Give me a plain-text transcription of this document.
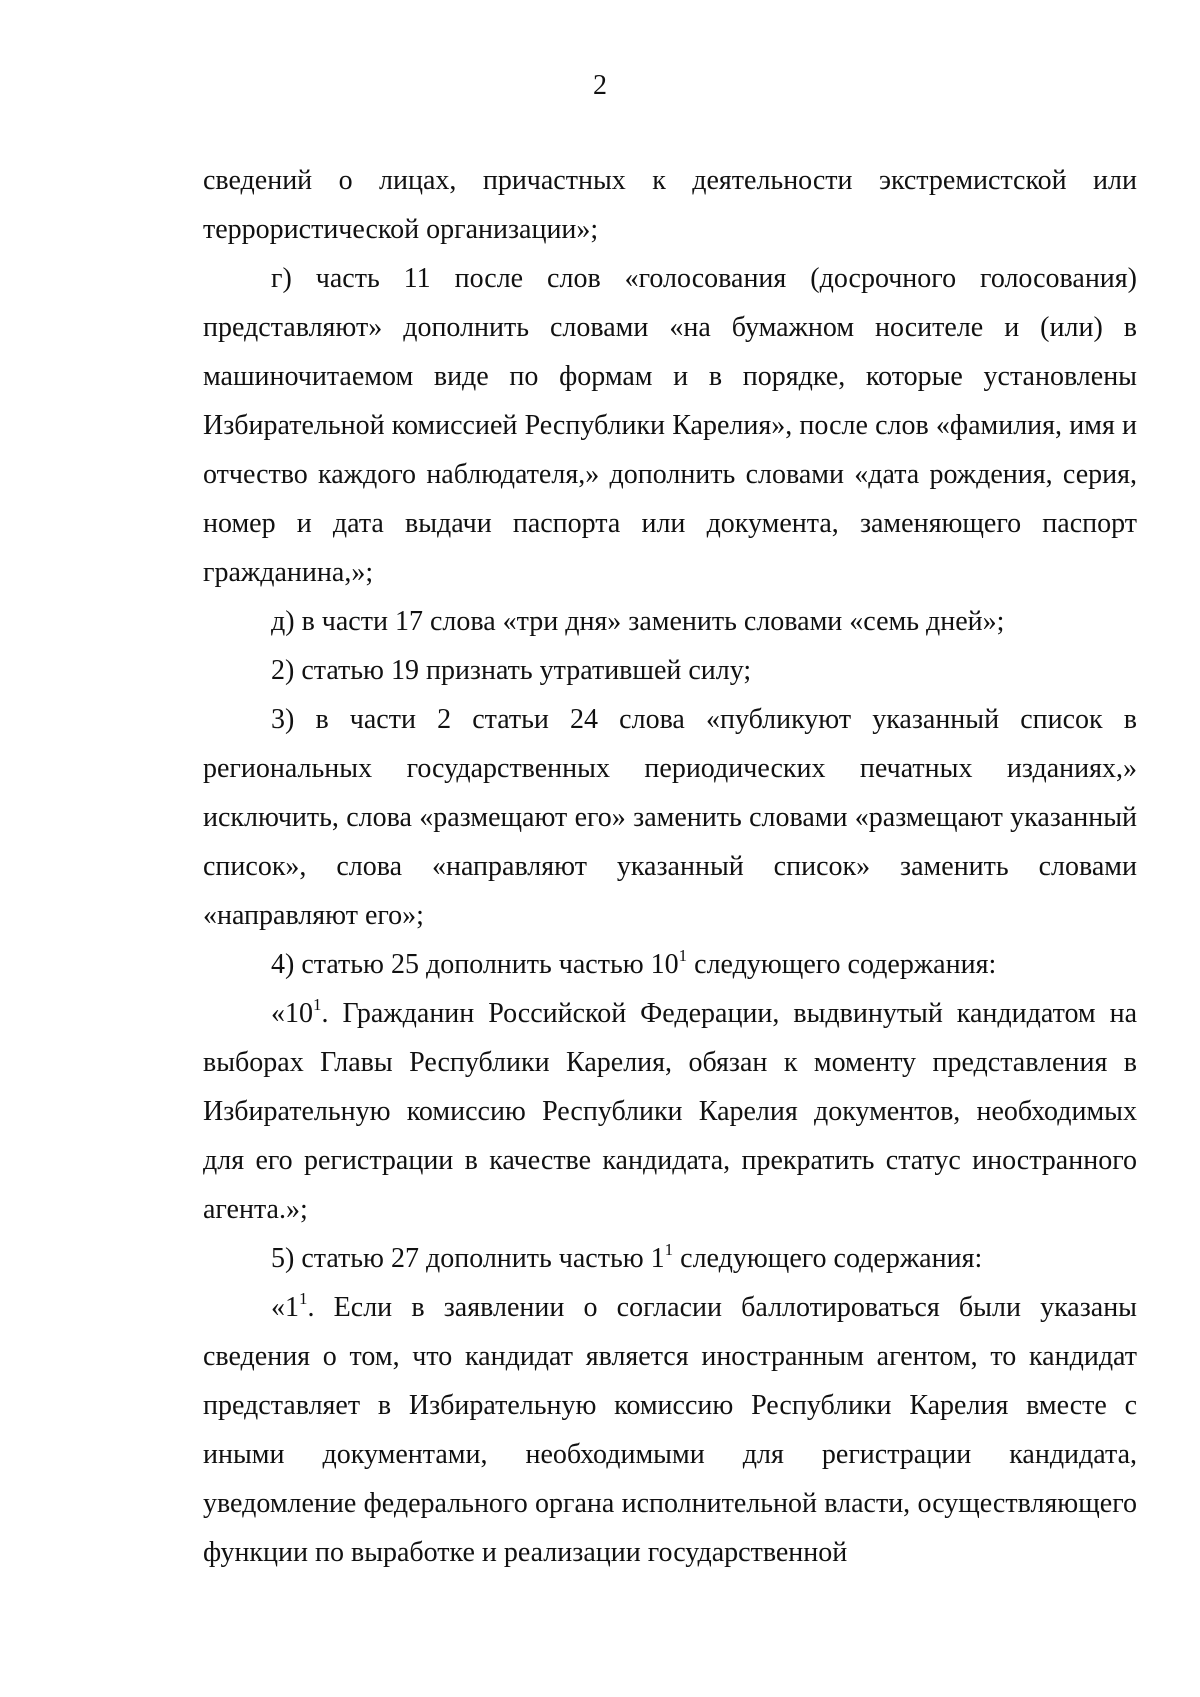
2

сведений о лицах, причастных к деятельности экстремистской или террористической организации»;

г) часть 11 после слов «голосования (досрочного голосования) представляют» дополнить словами «на бумажном носителе и (или) в машиночитаемом виде по формам и в порядке, которые установлены Избирательной комиссией Республики Карелия», после слов «фамилия, имя и отчество каждого наблюдателя,» дополнить словами «дата рождения, серия, номер и дата выдачи паспорта или документа, заменяющего паспорт гражданина,»;

д) в части 17 слова «три дня» заменить словами «семь дней»;

2) статью 19 признать утратившей силу;

3) в части 2 статьи 24 слова «публикуют указанный список в региональных государственных периодических печатных изданиях,» исключить, слова «размещают его» заменить словами «размещают указанный список», слова «направляют указанный список» заменить словами «направляют его»;

4) статью 25 дополнить частью $10^1$ следующего содержания:

«$10^1$. Гражданин Российской Федерации, выдвинутый кандидатом на выборах Главы Республики Карелия, обязан к моменту представления в Избирательную комиссию Республики Карелия документов, необходимых для его регистрации в качестве кандидата, прекратить статус иностранного агента.»;

5) статью 27 дополнить частью $1^1$ следующего содержания:

«$1^1$. Если в заявлении о согласии баллотироваться были указаны сведения о том, что кандидат является иностранным агентом, то кандидат представляет в Избирательную комиссию Республики Карелия вместе с иными документами, необходимыми для регистрации кандидата, уведомление федерального органа исполнительной власти, осуществляющего функции по выработке и реализации государственной
